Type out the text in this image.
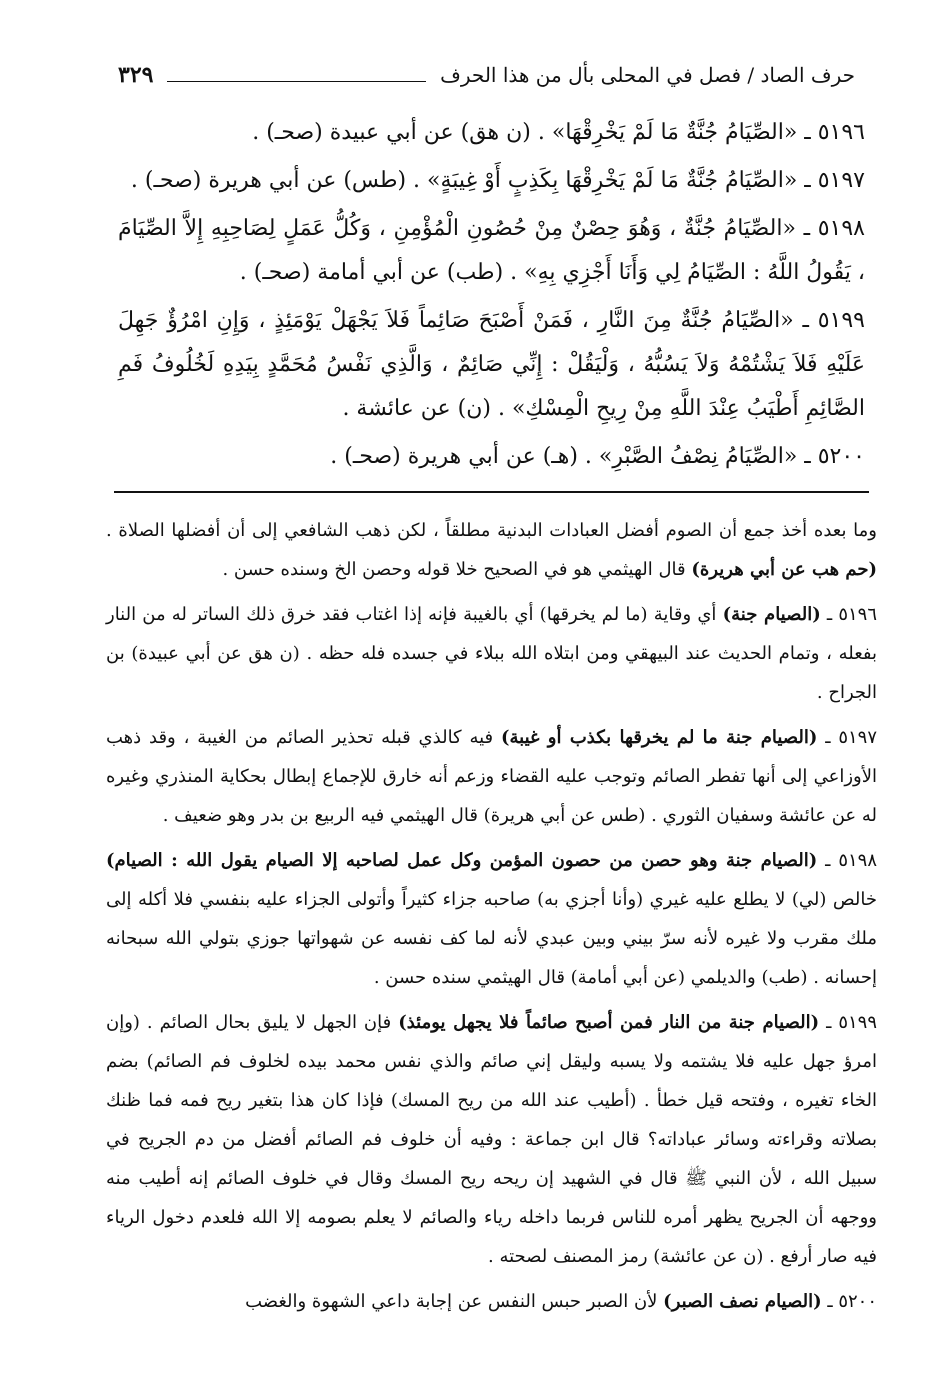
حرف الصاد / فصل في المحلى بأل من هذا الحرف
٣٢٩

٥١٩٦ ـ «الصِّيَامُ جُنَّةٌ مَا لَمْ يَخْرِقْهَا» . (ن هق) عن أبي عبيدة (صحـ) .

٥١٩٧ ـ «الصِّيَامُ جُنَّةٌ مَا لَمْ يَخْرِقْهَا بِكَذِبٍ أَوْ غِيبَةٍ» . (طس) عن أبي هريرة (صحـ) .

٥١٩٨ ـ «الصِّيَامُ جُنَّةٌ ، وَهُوَ حِصْنٌ مِنْ حُصُونِ الْمُؤْمِنِ ، وَكُلُّ عَمَلٍ لِصَاحِبِهِ إِلاَّ الصِّيَامَ ، يَقُولُ اللَّهُ : الصِّيَامُ لِي وَأَنَا أَجْزِي بِهِ» . (طب) عن أبي أمامة (صحـ) .

٥١٩٩ ـ «الصِّيَامُ جُنَّةٌ مِنَ النَّارِ ، فَمَنْ أَصْبَحَ صَائِماً فَلاَ يَجْهَلْ يَوْمَئِذٍ ، وَإِنِ امْرُؤٌ جَهِلَ عَلَيْهِ فَلاَ يَشْتُمْهُ وَلاَ يَسُبُّهُ ، وَلْيَقُلْ : إِنِّي صَائِمٌ ، وَالَّذِي نَفْسُ مُحَمَّدٍ بِيَدِهِ لَخُلُوفُ فَمِ الصَّائِمِ أَطْيَبُ عِنْدَ اللَّهِ مِنْ رِيحِ الْمِسْكِ» . (ن) عن عائشة .

٥٢٠٠ ـ «الصِّيَامُ نِصْفُ الصَّبْرِ» . (هـ) عن أبي هريرة (صحـ) .

وما بعده أخذ جمع أن الصوم أفضل العبادات البدنية مطلقاً ، لكن ذهب الشافعي إلى أن أفضلها الصلاة . (حم هب عن أبي هريرة) قال الهيثمي هو في الصحيح خلا قوله وحصن الخ وسنده حسن .

٥١٩٦ ـ (الصيام جنة) أي وقاية (ما لم يخرقها) أي بالغيبة فإنه إذا اغتاب فقد خرق ذلك الساتر له من النار بفعله ، وتمام الحديث عند البيهقي ومن ابتلاه الله ببلاء في جسده فله حظه . (ن هق عن أبي عبيدة) بن الجراح .

٥١٩٧ ـ (الصيام جنة ما لم يخرقها بكذب أو غيبة) فيه كالذي قبله تحذير الصائم من الغيبة ، وقد ذهب الأوزاعي إلى أنها تفطر الصائم وتوجب عليه القضاء وزعم أنه خارق للإجماع إبطال بحكاية المنذري وغيره له عن عائشة وسفيان الثوري . (طس عن أبي هريرة) قال الهيثمي فيه الربيع بن بدر وهو ضعيف .

٥١٩٨ ـ (الصيام جنة وهو حصن من حصون المؤمن وكل عمل لصاحبه إلا الصيام يقول الله : الصيام) خالص (لي) لا يطلع عليه غيري (وأنا أجزي به) صاحبه جزاء كثيراً وأتولى الجزاء عليه بنفسي فلا أكله إلى ملك مقرب ولا غيره لأنه سرّ بيني وبين عبدي لأنه لما كف نفسه عن شهواتها جوزي بتولي الله سبحانه إحسانه . (طب) والديلمي (عن أبي أمامة) قال الهيثمي سنده حسن .

٥١٩٩ ـ (الصيام جنة من النار فمن أصبح صائماً فلا يجهل يومئذ) فإن الجهل لا يليق بحال الصائم . (وإن امرؤ جهل عليه فلا يشتمه ولا يسبه وليقل إني صائم والذي نفس محمد بيده لخلوف فم الصائم) بضم الخاء تغيره ، وفتحه قيل خطأ . (أطيب عند الله من ريح المسك) فإذا كان هذا بتغير ريح فمه فما ظنك بصلاته وقراءته وسائر عباداته؟ قال ابن جماعة : وفيه أن خلوف فم الصائم أفضل من دم الجريح في سبيل الله ، لأن النبي ﷺ قال في الشهيد إن ريحه ريح المسك وقال في خلوف الصائم إنه أطيب منه ووجهه أن الجريح يظهر أمره للناس فربما داخله رياء والصائم لا يعلم بصومه إلا الله فلعدم دخول الرياء فيه صار أرفع . (ن عن عائشة) رمز المصنف لصحته .

٥٢٠٠ ـ (الصيام نصف الصبر) لأن الصبر حبس النفس عن إجابة داعي الشهوة والغضب
